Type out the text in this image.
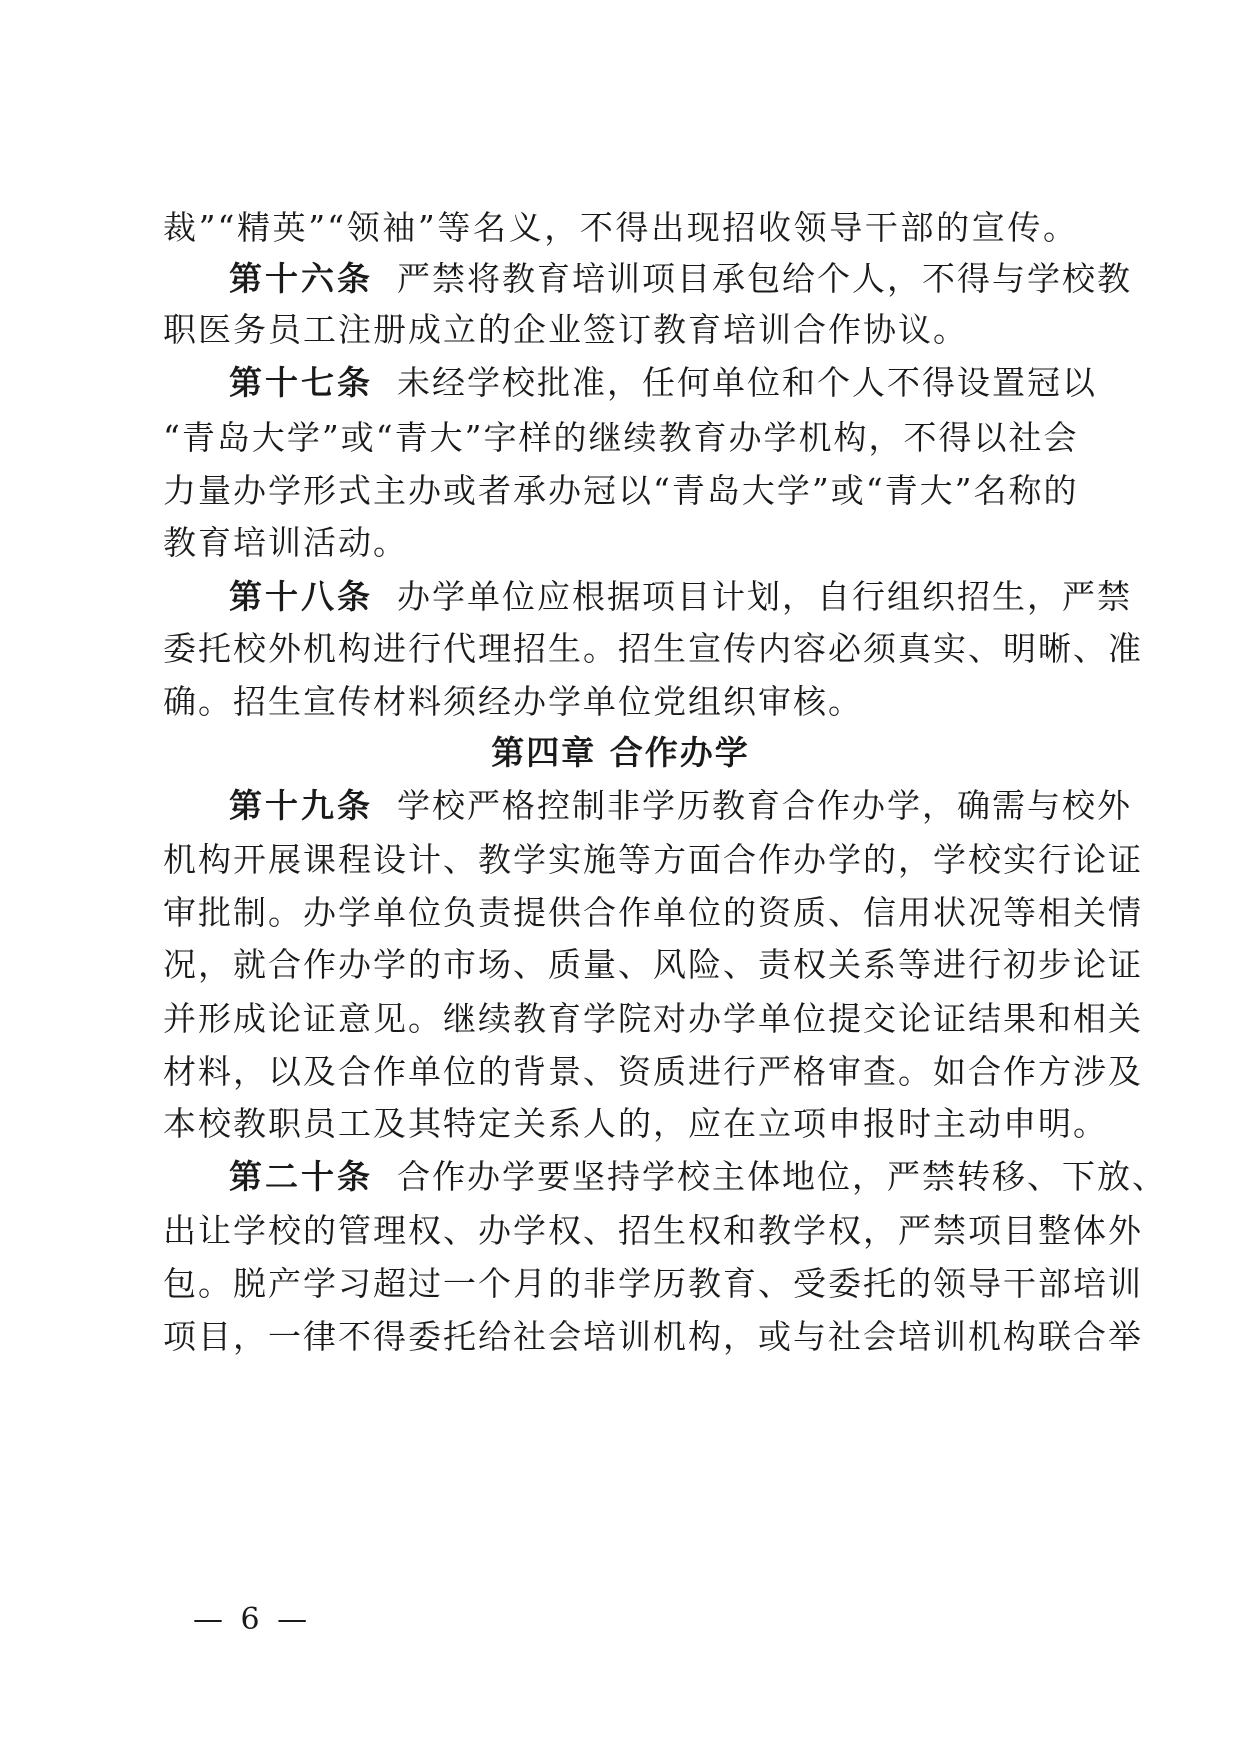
裁”“精英”“领袖”等名义，不得出现招收领导干部的宣传。
第十六条 严禁将教育培训项目承包给个人，不得与学校教
职医务员工注册成立的企业签订教育培训合作协议。
第十七条 未经学校批准，任何单位和个人不得设置冠以
“青岛大学”或“青大”字样的继续教育办学机构，不得以社会
力量办学形式主办或者承办冠以“青岛大学”或“青大”名称的
教育培训活动。
第十八条 办学单位应根据项目计划，自行组织招生，严禁
委托校外机构进行代理招生。招生宣传内容必须真实、明晰、准
确。招生宣传材料须经办学单位党组织审核。
第四章 合作办学
第十九条 学校严格控制非学历教育合作办学，确需与校外
机构开展课程设计、教学实施等方面合作办学的，学校实行论证
审批制。办学单位负责提供合作单位的资质、信用状况等相关情
况，就合作办学的市场、质量、风险、责权关系等进行初步论证
并形成论证意见。继续教育学院对办学单位提交论证结果和相关
材料，以及合作单位的背景、资质进行严格审查。如合作方涉及
本校教职员工及其特定关系人的，应在立项申报时主动申明。
第二十条 合作办学要坚持学校主体地位，严禁转移、下放、
出让学校的管理权、办学权、招生权和教学权，严禁项目整体外
包。脱产学习超过一个月的非学历教育、受委托的领导干部培训
项目，一律不得委托给社会培训机构，或与社会培训机构联合举
— 6 —
